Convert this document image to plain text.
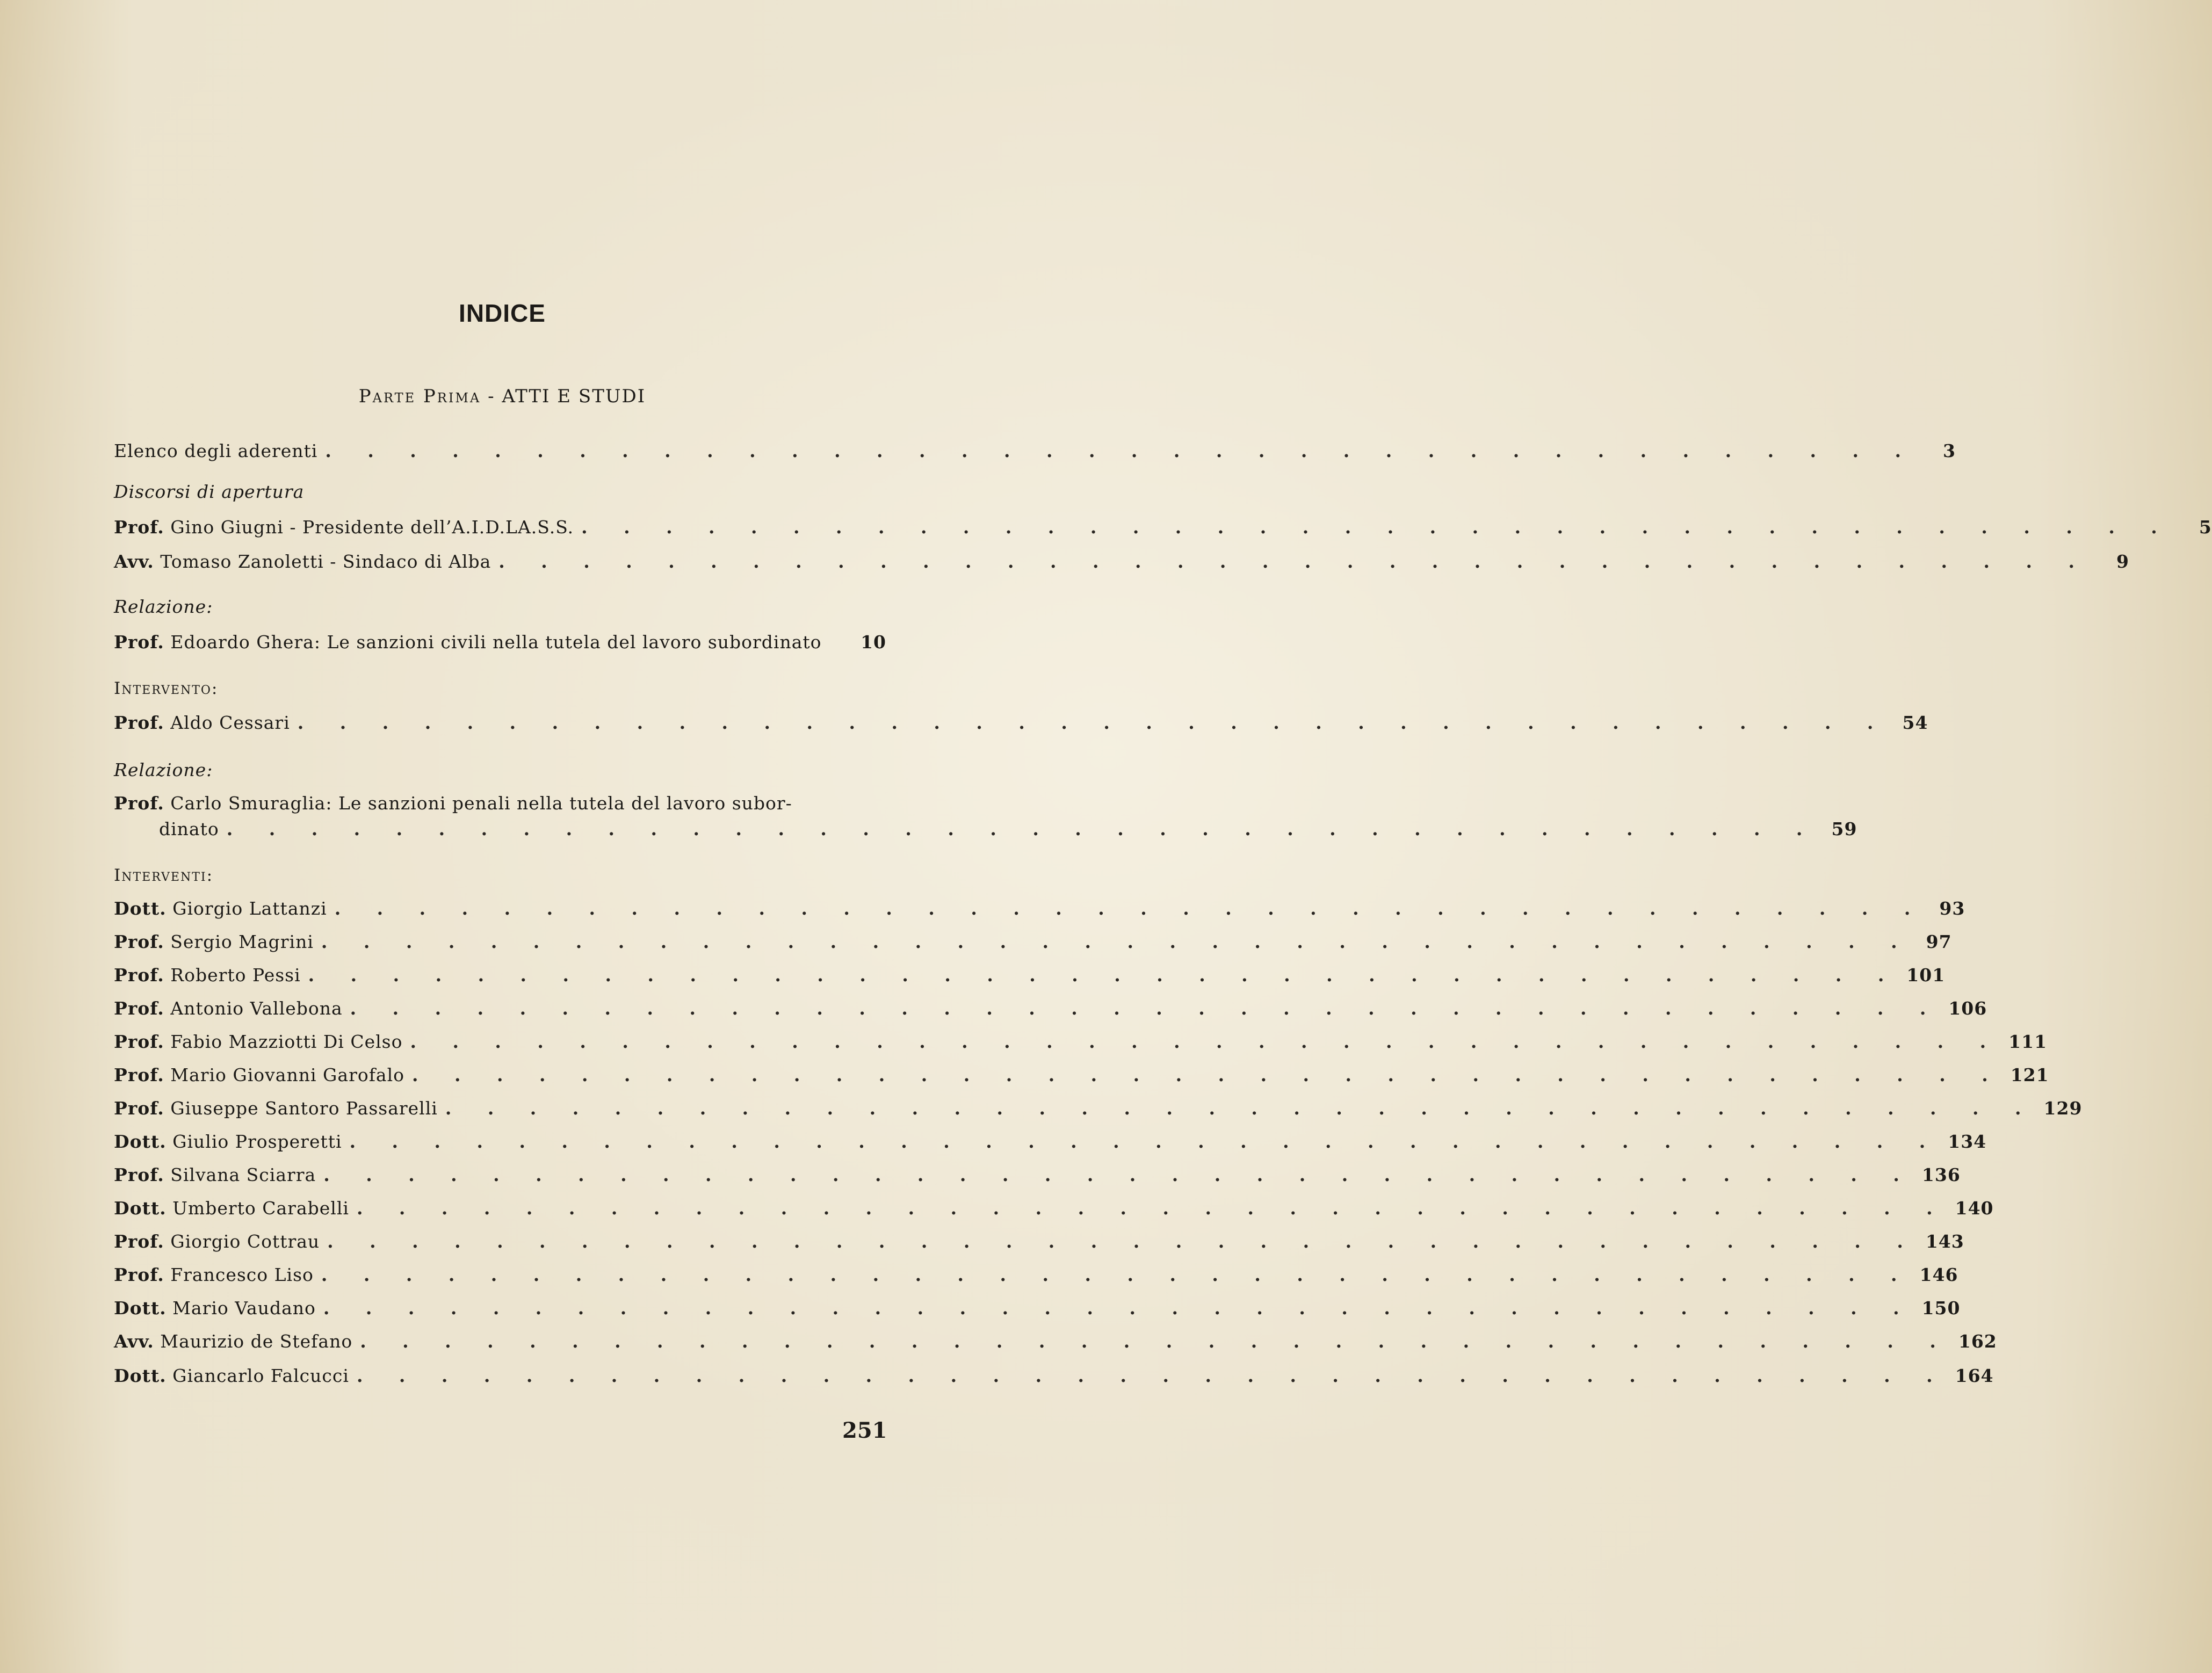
INDICE
Parte Prima - ATTI E STUDI
Elenco degli aderenti . . . . . . . . . . . . . . . . . . . . . . . . . . . . . . . . . . . . . .	3
Discorsi di apertura
Prof. Gino Giugni - Presidente dell’A.I.D.LA.S.S. . . . . . . . . . . . . . . . . . . . . . . . . . . . . . . . . . . . . . .	5
Avv. Tomaso Zanoletti - Sindaco di Alba . . . . . . . . . . . . . . . . . . . . . . . . . . . . . . . . . . . . . .	9
Relazione:
Prof. Edoardo Ghera: Le sanzioni civili nella tutela del lavoro subordinato	10
Intervento:
Prof. Aldo Cessari . . . . . . . . . . . . . . . . . . . . . . . . . . . . . . . . . . . . . . 54
Relazione:
Prof. Carlo Smuraglia: Le sanzioni penali nella tutela del lavoro subor-
dinato . . . . . . . . . . . . . . . . . . . . . . . . . . . . . . . . . . . . . . 59
Interventi:
Dott. Giorgio Lattanzi . . . . . . . . . . . . . . . . . . . . . . . . . . . . . . . . . . . . . . 93
Prof. Sergio Magrini . . . . . . . . . . . . . . . . . . . . . . . . . . . . . . . . . . . . . . 97
Prof. Roberto Pessi . . . . . . . . . . . . . . . . . . . . . . . . . . . . . . . . . . . . . . 101
Prof. Antonio Vallebona . . . . . . . . . . . . . . . . . . . . . . . . . . . . . . . . . . . . . . 106
Prof. Fabio Mazziotti Di Celso . . . . . . . . . . . . . . . . . . . . . . . . . . . . . . . . . . . . . . 111
Prof. Mario Giovanni Garofalo . . . . . . . . . . . . . . . . . . . . . . . . . . . . . . . . . . . . . . 121
Prof. Giuseppe Santoro Passarelli . . . . . . . . . . . . . . . . . . . . . . . . . . . . . . . . . . . . . . 129
Dott. Giulio Prosperetti . . . . . . . . . . . . . . . . . . . . . . . . . . . . . . . . . . . . . . 134
Prof. Silvana Sciarra . . . . . . . . . . . . . . . . . . . . . . . . . . . . . . . . . . . . . . 136
Dott. Umberto Carabelli . . . . . . . . . . . . . . . . . . . . . . . . . . . . . . . . . . . . . . 140
Prof. Giorgio Cottrau . . . . . . . . . . . . . . . . . . . . . . . . . . . . . . . . . . . . . . 143
Prof. Francesco Liso . . . . . . . . . . . . . . . . . . . . . . . . . . . . . . . . . . . . . . 146
Dott. Mario Vaudano . . . . . . . . . . . . . . . . . . . . . . . . . . . . . . . . . . . . . . 150
Avv. Maurizio de Stefano . . . . . . . . . . . . . . . . . . . . . . . . . . . . . . . . . . . . . . 162
Dott. Giancarlo Falcucci . . . . . . . . . . . . . . . . . . . . . . . . . . . . . . . . . . . . . . 164
251
